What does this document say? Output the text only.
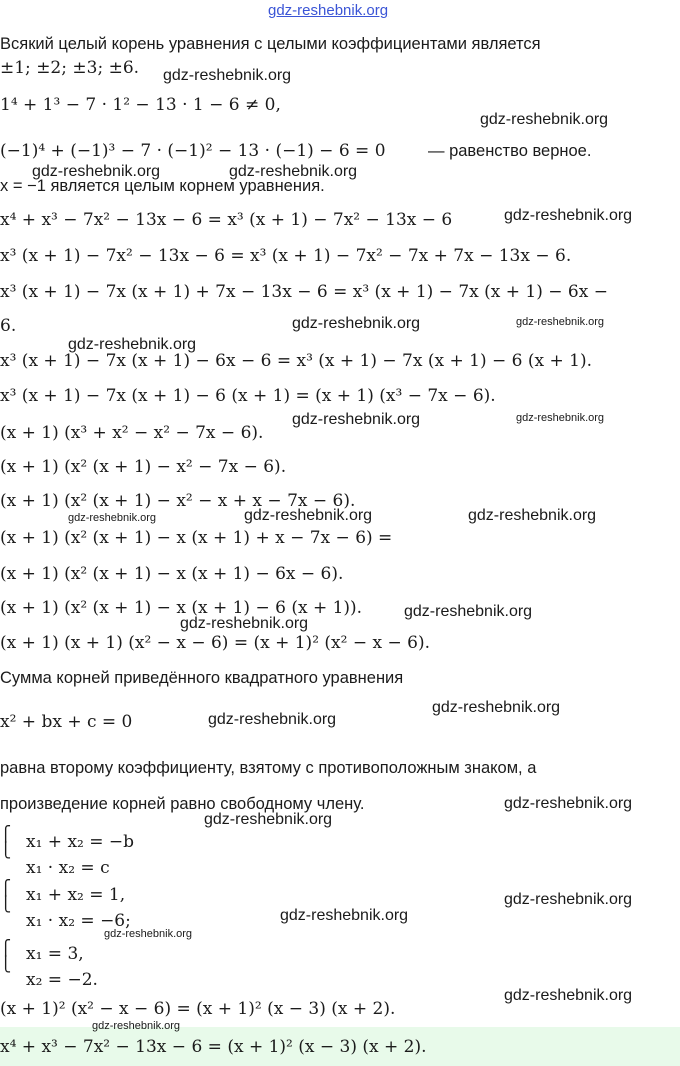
gdz-reshebnik.org
Всякий целый корень уравнения с целыми коэффициентами является
±1; ±2; ±3; ±6.
1⁴ + 1³ − 7 · 1² − 13 · 1 − 6 ≠ 0,
(−1)⁴ + (−1)³ − 7 · (−1)² − 13 · (−1) − 6 = 0	— равенство верное.
x = −1 является целым корнем уравнения.
x⁴ + x³ − 7x² − 13x − 6 = x³ (x + 1) − 7x² − 13x − 6
x³ (x + 1) − 7x² − 13x − 6 = x³ (x + 1) − 7x² − 7x + 7x − 13x − 6.
x³ (x + 1) − 7x (x + 1) + 7x − 13x − 6 = x³ (x + 1) − 7x (x + 1) − 6x −
6.
x³ (x + 1) − 7x (x + 1) − 6x − 6 = x³ (x + 1) − 7x (x + 1) − 6 (x + 1).
x³ (x + 1) − 7x (x + 1) − 6 (x + 1) = (x + 1) (x³ − 7x − 6).
(x + 1) (x³ + x² − x² − 7x − 6).
(x + 1) (x² (x + 1) − x² − 7x − 6).
(x + 1) (x² (x + 1) − x² − x + x − 7x − 6).
(x + 1) (x² (x + 1) − x (x + 1) + x − 7x − 6) =
(x + 1) (x² (x + 1) − x (x + 1) − 6x − 6).
(x + 1) (x² (x + 1) − x (x + 1) − 6 (x + 1)).
(x + 1) (x + 1) (x² − x − 6) = (x + 1)² (x² − x − 6).
Сумма корней приведённого квадратного уравнения
x² + bx + c = 0
равна второму коэффициенту, взятому с противоположным знаком, а
произведение корней равно свободному члену.
⎧
⎩ x₁ + x₂ = −b
x₁ · x₂ = c
⎧
⎩ x₁ + x₂ = 1,
x₁ · x₂ = −6;
⎧
⎩ x₁ = 3,
x₂ = −2.
(x + 1)² (x² − x − 6) = (x + 1)² (x − 3) (x + 2).
x⁴ + x³ − 7x² − 13x − 6 = (x + 1)² (x − 3) (x + 2).
gdz-reshebnik.org
gdz-reshebnik.org
gdz-reshebnik.org	gdz-reshebnik.org
gdz-reshebnik.org
gdz-reshebnik.org	gdz-reshebnik.org
gdz-reshebnik.org
gdz-reshebnik.org	gdz-reshebnik.org
gdz-reshebnik.org	gdz-reshebnik.org	gdz-reshebnik.org
gdz-reshebnik.org
gdz-reshebnik.org
gdz-reshebnik.org
gdz-reshebnik.org
gdz-reshebnik.org
gdz-reshebnik.org
gdz-reshebnik.org
gdz-reshebnik.org
gdz-reshebnik.org
gdz-reshebnik.org
gdz-reshebnik.org
